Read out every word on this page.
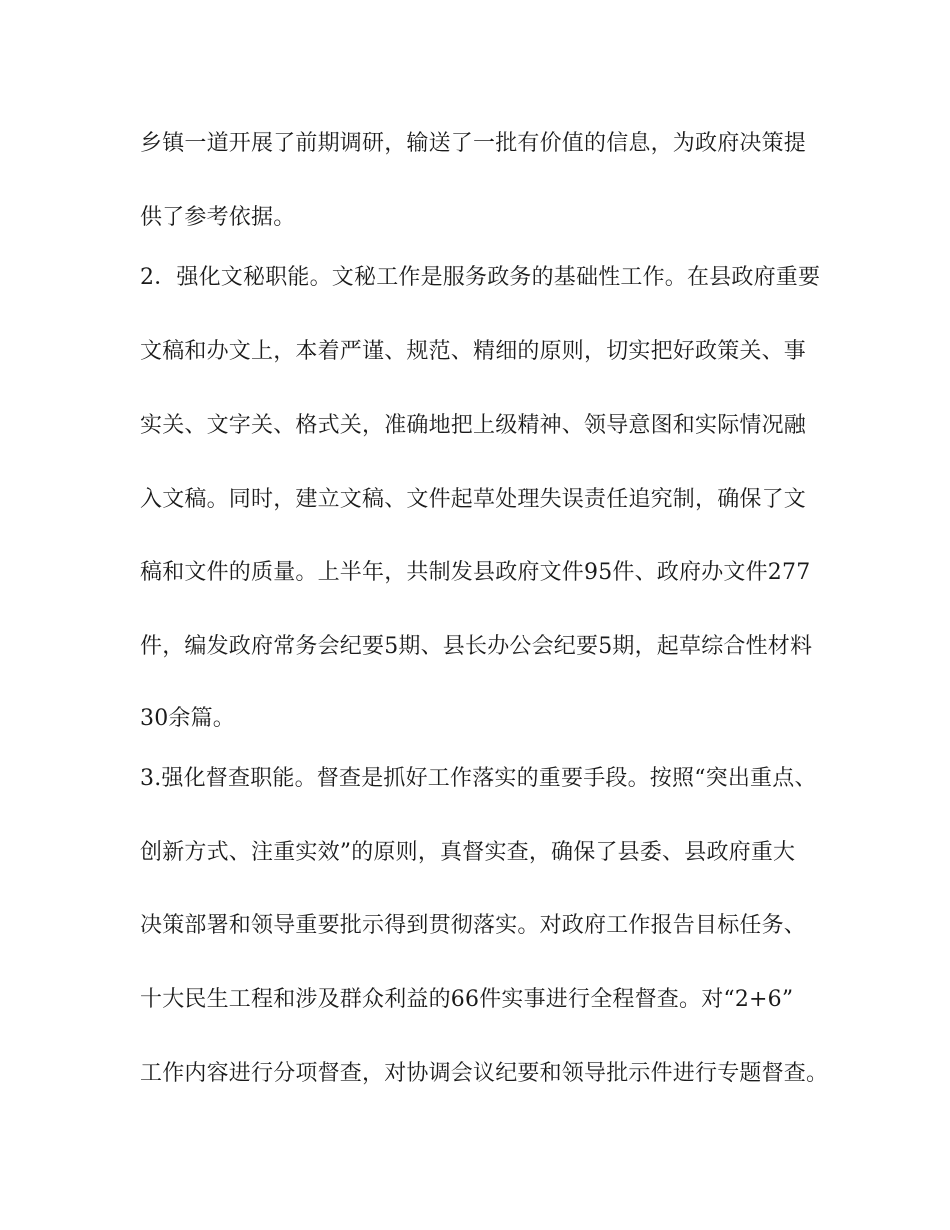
乡镇一道开展了前期调研，输送了一批有价值的信息，为政府决策提
供了参考依据。
2．强化文秘职能。文秘工作是服务政务的基础性工作。在县政府重要
文稿和办文上，本着严谨、规范、精细的原则，切实把好政策关、事
实关、文字关、格式关，准确地把上级精神、领导意图和实际情况融
入文稿。同时，建立文稿、文件起草处理失误责任追究制，确保了文
稿和文件的质量。上半年，共制发县政府文件95件、政府办文件277
件，编发政府常务会纪要5期、县长办公会纪要5期，起草综合性材料
30余篇。
3.强化督查职能。督查是抓好工作落实的重要手段。按照“突出重点、
创新方式、注重实效”的原则，真督实查，确保了县委、县政府重大
决策部署和领导重要批示得到贯彻落实。对政府工作报告目标任务、
十大民生工程和涉及群众利益的66件实事进行全程督查。对“2+6”
工作内容进行分项督查，对协调会议纪要和领导批示件进行专题督查。
